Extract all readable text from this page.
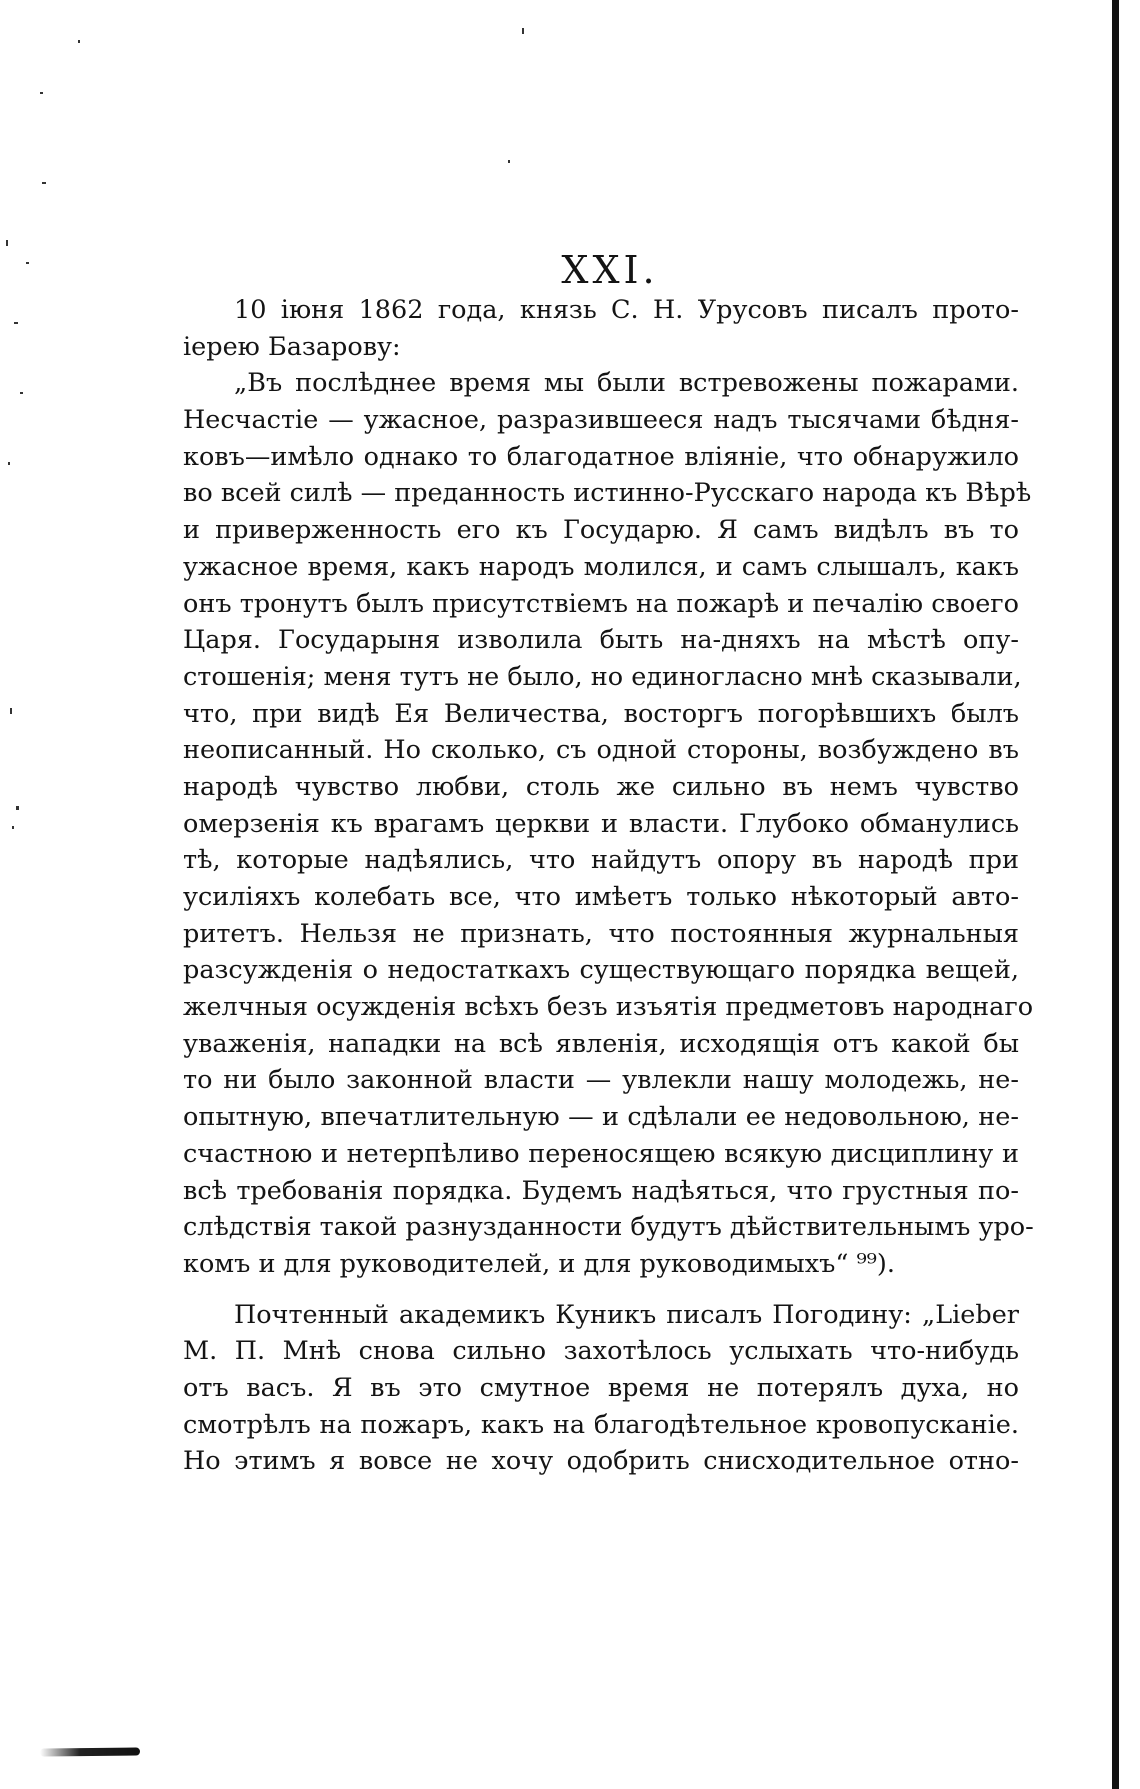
XXI.
10 іюня 1862 года, князь С. Н. Урусовъ писалъ прото-
іерею Базарову:
„Въ послѣднее время мы были встревожены пожарами.
Несчастіе — ужасное, разразившееся надъ тысячами бѣдня-
ковъ—имѣло однако то благодатное вліяніе, что обнаружило
во всей силѣ — преданность истинно-Русскаго народа къ Вѣрѣ
и приверженность его къ Государю. Я самъ видѣлъ въ то
ужасное время, какъ народъ молился, и самъ слышалъ, какъ
онъ тронутъ былъ присутствіемъ на пожарѣ и печалію своего
Царя. Государыня изволила быть на-дняхъ на мѣстѣ опу-
стошенія; меня тутъ не было, но единогласно мнѣ сказывали,
что, при видѣ Ея Величества, восторгъ погорѣвшихъ былъ
неописанный. Но сколько, съ одной стороны, возбуждено въ
народѣ чувство любви, столь же сильно въ немъ чувство
омерзенія къ врагамъ церкви и власти. Глубоко обманулись
тѣ, которые надѣялись, что найдутъ опору въ народѣ при
усиліяхъ колебать все, что имѣетъ только нѣкоторый авто-
ритетъ. Нельзя не признать, что постоянныя журнальныя
разсужденія о недостаткахъ существующаго порядка вещей,
желчныя осужденія всѣхъ безъ изъятія предметовъ народнаго
уваженія, нападки на всѣ явленія, исходящія отъ какой бы
то ни было законной власти — увлекли нашу молодежь, не-
опытную, впечатлительную — и сдѣлали ее недовольною, не-
счастною и нетерпѣливо переносящею всякую дисциплину и
всѣ требованія порядка. Будемъ надѣяться, что грустныя по-
слѣдствія такой разнузданности будутъ дѣйствительнымъ уро-
комъ и для руководителей, и для руководимыхъ“ ⁹⁹).
Почтенный академикъ Куникъ писалъ Погодину: „Lieber
М. П. Мнѣ снова сильно захотѣлось услыхать что-нибудь
отъ васъ. Я въ это смутное время не потерялъ духа, но
смотрѣлъ на пожаръ, какъ на благодѣтельное кровопусканіе.
Но этимъ я вовсе не хочу одобрить снисходительное отно-
